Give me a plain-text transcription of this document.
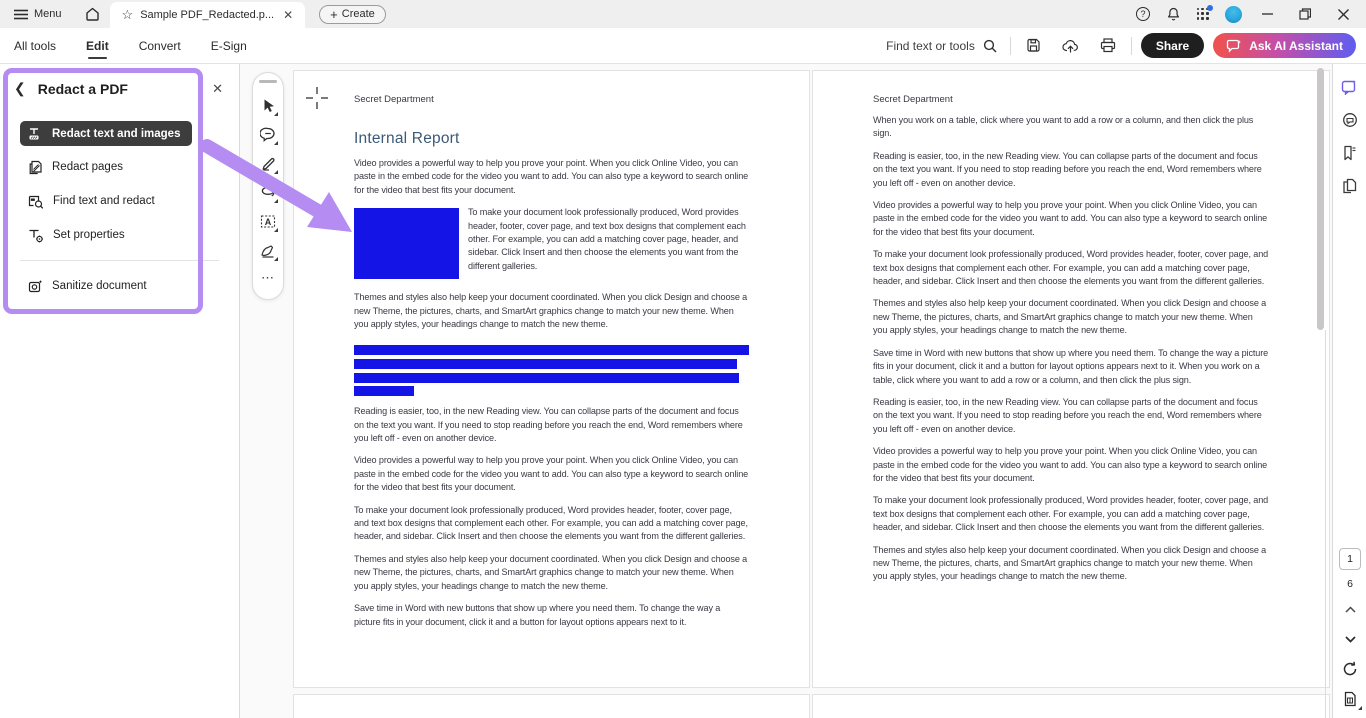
Menu	☆ Sample PDF_Redacted.p... ✕	+ Create	?
All tools	Edit	Convert	E-Sign	Find text or tools	Share	Ask AI Assistant
Secret Department
Internal Report
Video provides a powerful way to help you prove your point. When you click Online Video, you can paste in the embed code for the video you want to add. You can also type a keyword to search online for the video that best fits your document.
To make your document look professionally produced, Word provides header, footer, cover page, and text box designs that complement each other. For example, you can add a matching cover page, header, and sidebar. Click Insert and then choose the elements you want from the different galleries.
Themes and styles also help keep your document coordinated. When you click Design and choose a new Theme, the pictures, charts, and SmartArt graphics change to match your new theme. When you apply styles, your headings change to match the new theme.
Reading is easier, too, in the new Reading view. You can collapse parts of the document and focus on the text you want. If you need to stop reading before you reach the end, Word remembers where you left off - even on another device.
Video provides a powerful way to help you prove your point. When you click Online Video, you can paste in the embed code for the video you want to add. You can also type a keyword to search online for the video that best fits your document.
To make your document look professionally produced, Word provides header, footer, cover page, and text box designs that complement each other. For example, you can add a matching cover page, header, and sidebar. Click Insert and then choose the elements you want from the different galleries.
Themes and styles also help keep your document coordinated. When you click Design and choose a new Theme, the pictures, charts, and SmartArt graphics change to match your new theme. When you apply styles, your headings change to match the new theme.
Save time in Word with new buttons that show up where you need them. To change the way a picture fits in your document, click it and a button for layout options appears next to it.
Secret Department
When you work on a table, click where you want to add a row or a column, and then click the plus sign.
Reading is easier, too, in the new Reading view. You can collapse parts of the document and focus on the text you want. If you need to stop reading before you reach the end, Word remembers where you left off - even on another device.
Video provides a powerful way to help you prove your point. When you click Online Video, you can paste in the embed code for the video you want to add. You can also type a keyword to search online for the video that best fits your document.
To make your document look professionally produced, Word provides header, footer, cover page, and text box designs that complement each other. For example, you can add a matching cover page, header, and sidebar. Click Insert and then choose the elements you want from the different galleries.
Themes and styles also help keep your document coordinated. When you click Design and choose a new Theme, the pictures, charts, and SmartArt graphics change to match your new theme. When you apply styles, your headings change to match the new theme.
Save time in Word with new buttons that show up where you need them. To change the way a picture fits in your document, click it and a button for layout options appears next to it. When you work on a table, click where you want to add a row or a column, and then click the plus sign.
Reading is easier, too, in the new Reading view. You can collapse parts of the document and focus on the text you want. If you need to stop reading before you reach the end, Word remembers where you left off - even on another device.
Video provides a powerful way to help you prove your point. When you click Online Video, you can paste in the embed code for the video you want to add. You can also type a keyword to search online for the video that best fits your document.
To make your document look professionally produced, Word provides header, footer, cover page, and text box designs that complement each other. For example, you can add a matching cover page, header, and sidebar. Click Insert and then choose the elements you want from the different galleries.
Themes and styles also help keep your document coordinated. When you click Design and choose a new Theme, the pictures, charts, and SmartArt graphics change to match your new theme. When you apply styles, your headings change to match the new theme.
❮ Redact a PDF	✕
Redact text and images
Redact pages
Find text and redact
Set properties
Sanitize document
A
⋯
1
6
